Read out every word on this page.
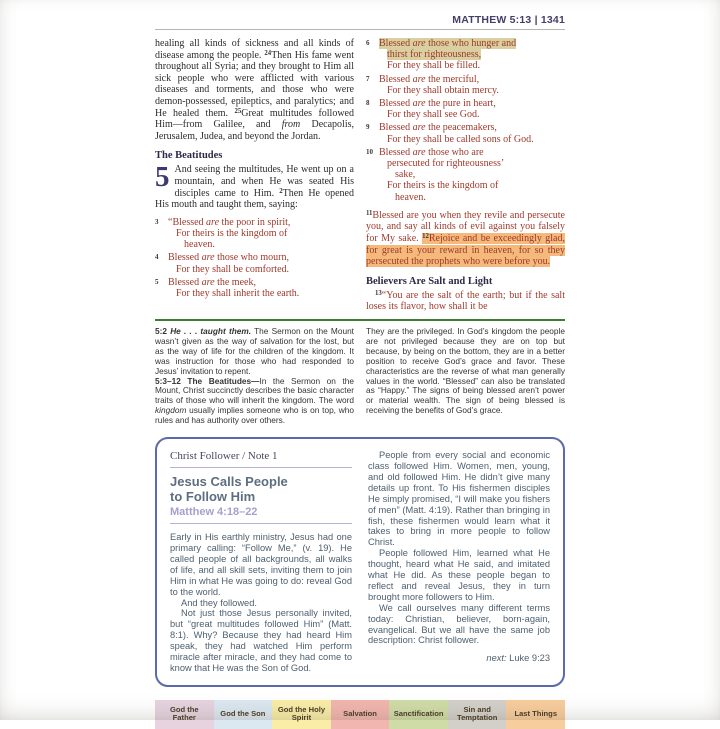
MATTHEW 5:13 | 1341

healing all kinds of sickness and all kinds of disease among the people. $^{24}$Then His fame went throughout all Syria; and they brought to Him all sick people who were afflicted with various diseases and torments, and those who were demon-possessed, epileptics, and paralytics; and He healed them. $^{25}$Great multitudes followed Him—from Galilee, and from Decapolis, Jerusalem, Judea, and beyond the Jordan.

The Beatitudes

5 And seeing the multitudes, He went up on a mountain, and when He was seated His disciples came to Him. $^2$Then He opened His mouth and taught them, saying:

3 “Blessed are the poor in spirit,
For theirs is the kingdom of
heaven.
4 Blessed are those who mourn,
For they shall be comforted.
5 Blessed are the meek,
For they shall inherit the earth.
6 Blessed are those who hunger and
thirst for righteousness,
For they shall be filled.
7 Blessed are the merciful,
For they shall obtain mercy.
8 Blessed are the pure in heart,
For they shall see God.
9 Blessed are the peacemakers,
For they shall be called sons of God.
10 Blessed are those who are
persecuted for righteousness’
sake,
For theirs is the kingdom of
heaven.

$^{11}$Blessed are you when they revile and persecute you, and say all kinds of evil against you falsely for My sake. $^{12}$Rejoice and be exceedingly glad, for great is your reward in heaven, for so they persecuted the prophets who were before you.

Believers Are Salt and Light

$^{13}$“You are the salt of the earth; but if the salt loses its flavor, how shall it be

5:2 He . . . taught them. The Sermon on the Mount wasn’t given as the way of salvation for the lost, but as the way of life for the children of the kingdom. It was instruction for those who had responded to Jesus’ invitation to repent.

5:3–12 The Beatitudes—In the Sermon on the Mount, Christ succinctly describes the basic character traits of those who will inherit the kingdom. The word kingdom usually implies someone who is on top, who rules and has authority over others.

They are the privileged. In God’s kingdom the people are not privileged because they are on top but because, by being on the bottom, they are in a better position to receive God’s grace and favor. These characteristics are the reverse of what man generally values in the world. “Blessed” can also be translated as “Happy.” The signs of being blessed aren’t power or material wealth. The sign of being blessed is receiving the benefits of God’s grace.

Christ Follower / Note 1
Jesus Calls People
to Follow Him
Matthew 4:18–22

Early in His earthly ministry, Jesus had one primary calling: “Follow Me,” (v. 19). He called people of all backgrounds, all walks of life, and all skill sets, inviting them to join Him in what He was going to do: reveal God to the world.

And they followed.

Not just those Jesus personally invited, but “great multitudes followed Him” (Matt. 8:1). Why? Because they had heard Him speak, they had watched Him perform miracle after miracle, and they had come to know that He was the Son of God.

People from every social and economic class followed Him. Women, men, young, and old followed Him. He didn’t give many details up front. To His fishermen disciples He simply promised, “I will make you fishers of men” (Matt. 4:19). Rather than bringing in fish, these fishermen would learn what it takes to bring in more people to follow Christ.

People followed Him, learned what He thought, heard what He said, and imitated what He did. As these people began to reflect and reveal Jesus, they in turn brought more followers to Him.

We call ourselves many different terms today: Christian, believer, born-again, evangelical. But we all have the same job description: Christ follower.

next: Luke 9:23
God the Father	God the Son	God the Holy Spirit	Salvation	Sanctification	Sin and Temptation	Last Things
